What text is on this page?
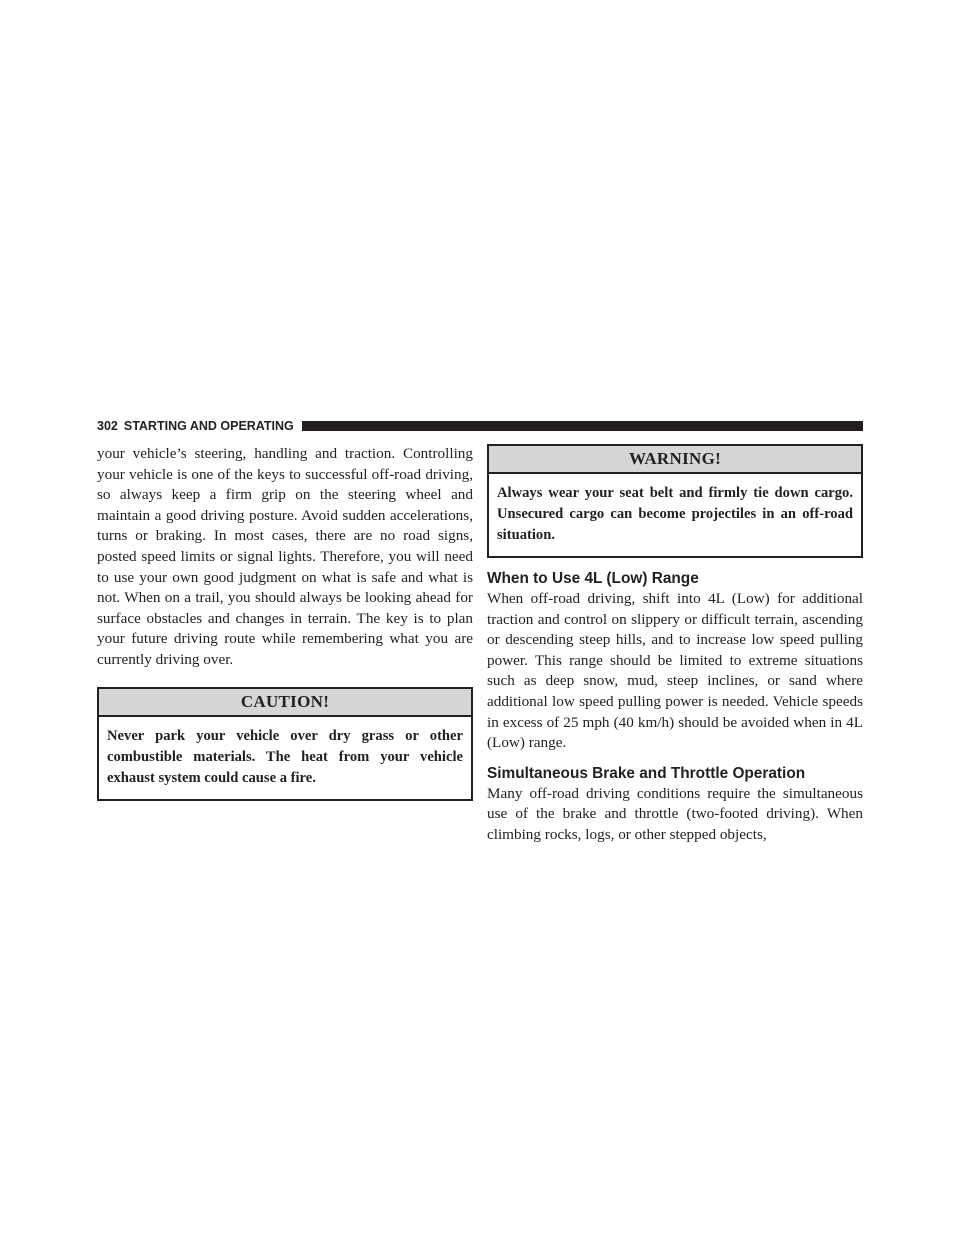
302 STARTING AND OPERATING

your vehicle’s steering, handling and traction. Controlling your vehicle is one of the keys to successful off-road driving, so always keep a firm grip on the steering wheel and maintain a good driving posture. Avoid sudden accelerations, turns or braking. In most cases, there are no road signs, posted speed limits or signal lights. Therefore, you will need to use your own good judgment on what is safe and what is not. When on a trail, you should always be looking ahead for surface obstacles and changes in terrain. The key is to plan your future driving route while remembering what you are currently driving over.

CAUTION!

Never park your vehicle over dry grass or other combustible materials. The heat from your vehicle exhaust system could cause a fire.

WARNING!

Always wear your seat belt and firmly tie down cargo. Unsecured cargo can become projectiles in an off-road situation.

When to Use 4L (Low) Range

When off-road driving, shift into 4L (Low) for additional traction and control on slippery or difficult terrain, ascending or descending steep hills, and to increase low speed pulling power. This range should be limited to extreme situations such as deep snow, mud, steep inclines, or sand where additional low speed pulling power is needed. Vehicle speeds in excess of 25 mph (40 km/h) should be avoided when in 4L (Low) range.

Simultaneous Brake and Throttle Operation

Many off-road driving conditions require the simultaneous use of the brake and throttle (two-footed driving). When climbing rocks, logs, or other stepped objects,
